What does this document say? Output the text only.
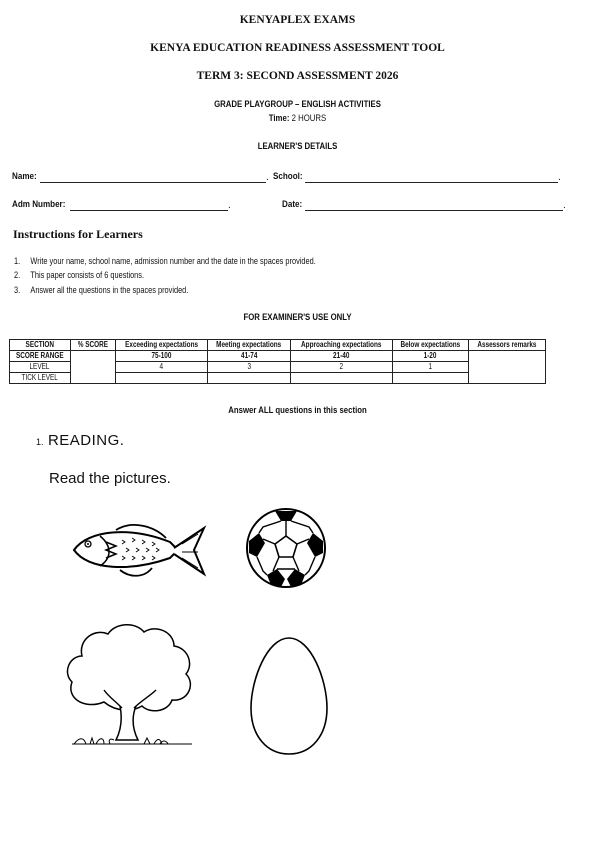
KENYAPLEX EXAMS
KENYA EDUCATION READINESS ASSESSMENT TOOL
TERM 3: SECOND ASSESSMENT 2026
GRADE PLAYGROUP – ENGLISH ACTIVITIES
Time: 2 HOURS
LEARNER'S DETAILS
Name:	. School:	.
Adm Number:	.	Date:	.
Instructions for Learners
1. Write your name, school name, admission number and the date in the spaces provided.
2. This paper consists of 6 questions.
3. Answer all the questions in the spaces provided.
FOR EXAMINER'S USE ONLY
SECTION	% SCORE	Exceeding expectations	Meeting expectations	Approaching expectations	Below expectations	Assessors remarks
SCORE RANGE		75-100	41-74	21-40	1-20	
LEVEL		4	3	2	1	
TICK LEVEL						
Answer ALL questions in this section
1. READING.
Read the pictures.
